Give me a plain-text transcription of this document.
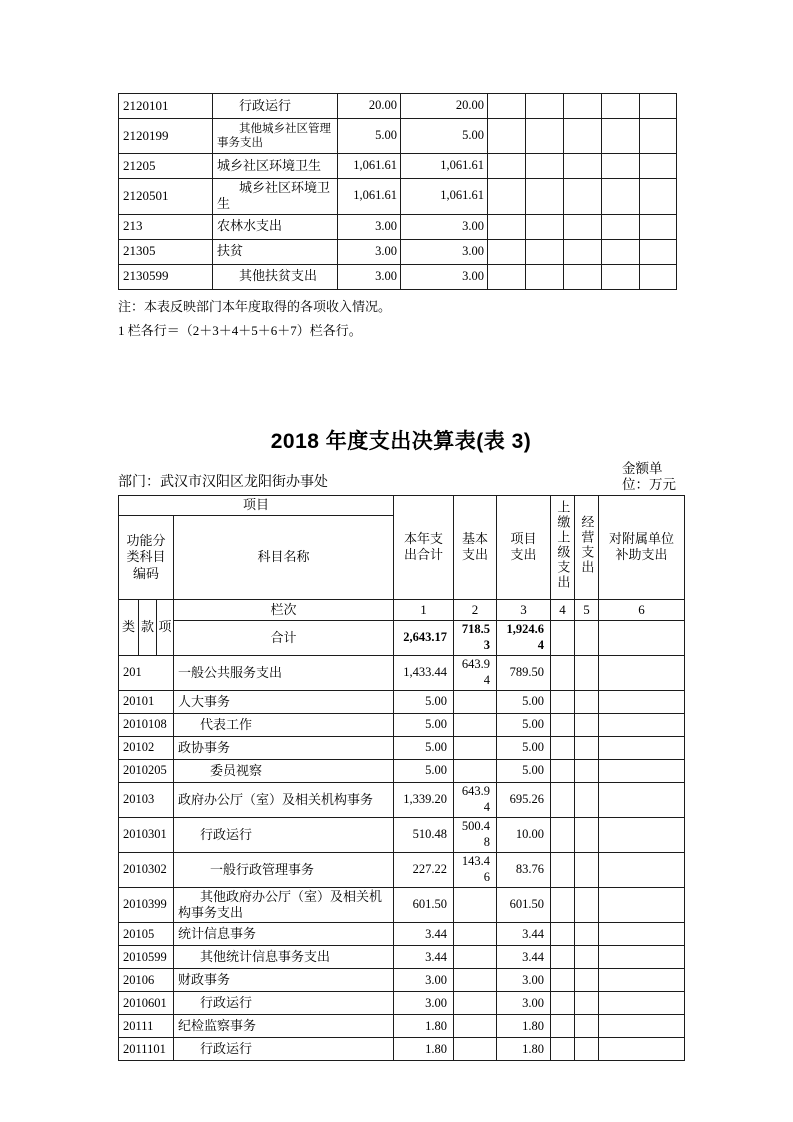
2120101	行政运行	20.00	20.00					
2120199	其他城乡社区管理事务支出	5.00	5.00					
21205	城乡社区环境卫生	1,061.61	1,061.61					
2120501	城乡社区环境卫生	1,061.61	1,061.61					
213	农林水支出	3.00	3.00					
21305	扶贫	3.00	3.00					
2130599	其他扶贫支出	3.00	3.00					
注：本表反映部门本年度取得的各项收入情况。
1 栏各行＝（2＋3＋4＋5＋6＋7）栏各行。
2018 年度支出决算表(表 3)
部门：武汉市汉阳区龙阳街办事处
金额单位：万元
项目				本年支出合计	基本支出	项目支出	上缴上级支出	经营支出	对附属单位补助支出
功能分类科目编码			科目名称						
类	款	项	栏次	1	2	3	4	5	6
			合计	2,643.17	718.53	1,924.64			
201			一般公共服务支出	1,433.44	643.94	789.50			
20101			人大事务	5.00		5.00			
2010108			代表工作	5.00		5.00			
20102			政协事务	5.00		5.00			
2010205			委员视察	5.00		5.00			
20103			政府办公厅（室）及相关机构事务	1,339.20	643.94	695.26			
2010301			行政运行	510.48	500.48	10.00			
2010302			一般行政管理事务	227.22	143.46	83.76			
2010399			其他政府办公厅（室）及相关机构事务支出	601.50		601.50			
20105			统计信息事务	3.44		3.44			
2010599			其他统计信息事务支出	3.44		3.44			
20106			财政事务	3.00		3.00			
2010601			行政运行	3.00		3.00			
20111			纪检监察事务	1.80		1.80			
2011101			行政运行	1.80		1.80			
